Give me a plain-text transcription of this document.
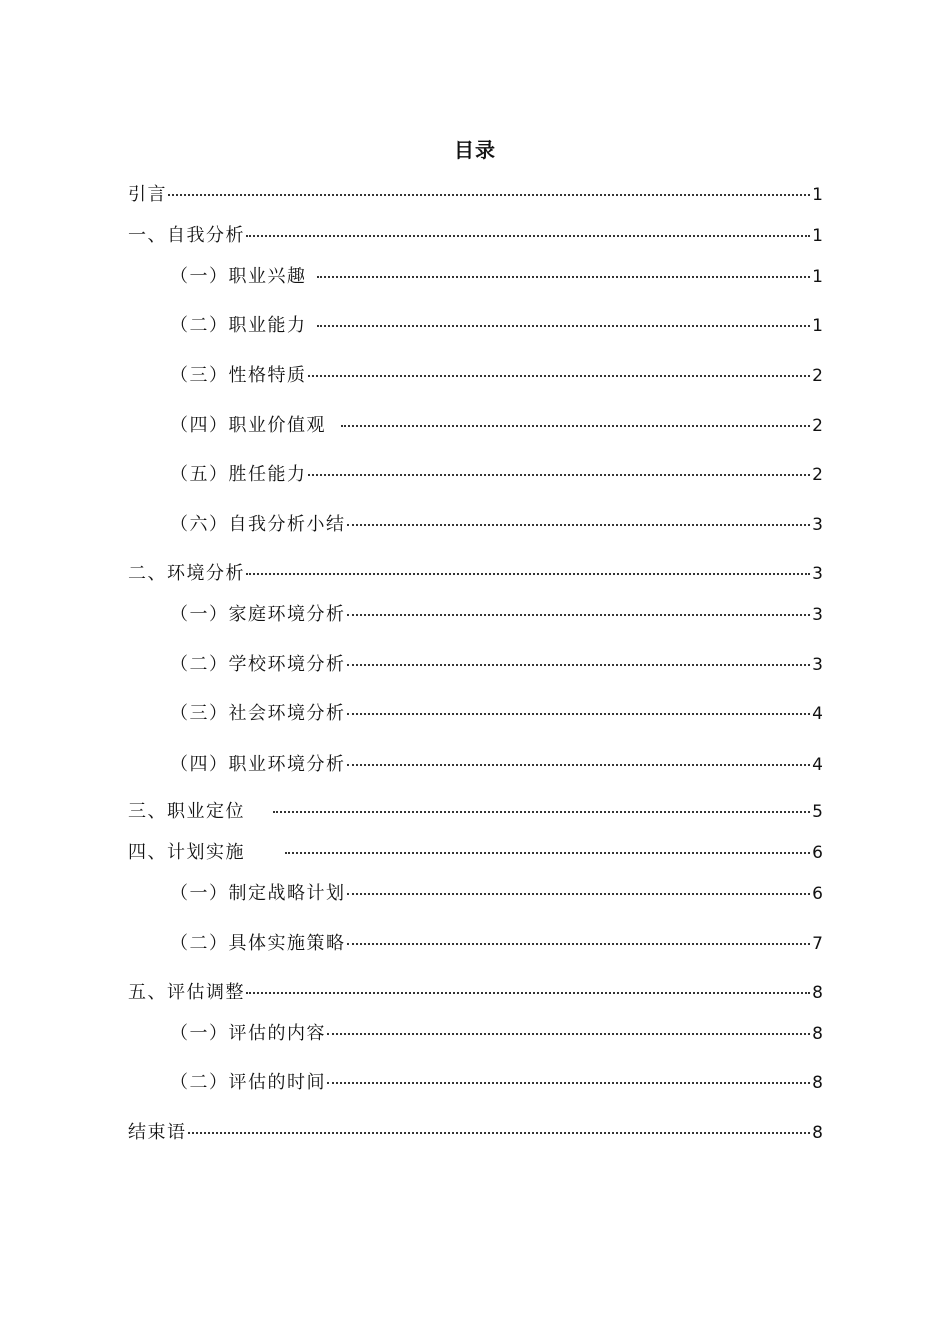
目录
引言	1
一、自我分析	1
（一）职业兴趣	1
（二）职业能力	1
（三）性格特质	2
（四）职业价值观	2
（五）胜任能力	2
（六）自我分析小结	3
二、环境分析	3
（一）家庭环境分析	3
（二）学校环境分析	3
（三）社会环境分析	4
（四）职业环境分析	4
三、职业定位	5
四、计划实施	6
（一）制定战略计划	6
（二）具体实施策略	7
五、评估调整	8
（一）评估的内容	8
（二）评估的时间	8
结束语	8
